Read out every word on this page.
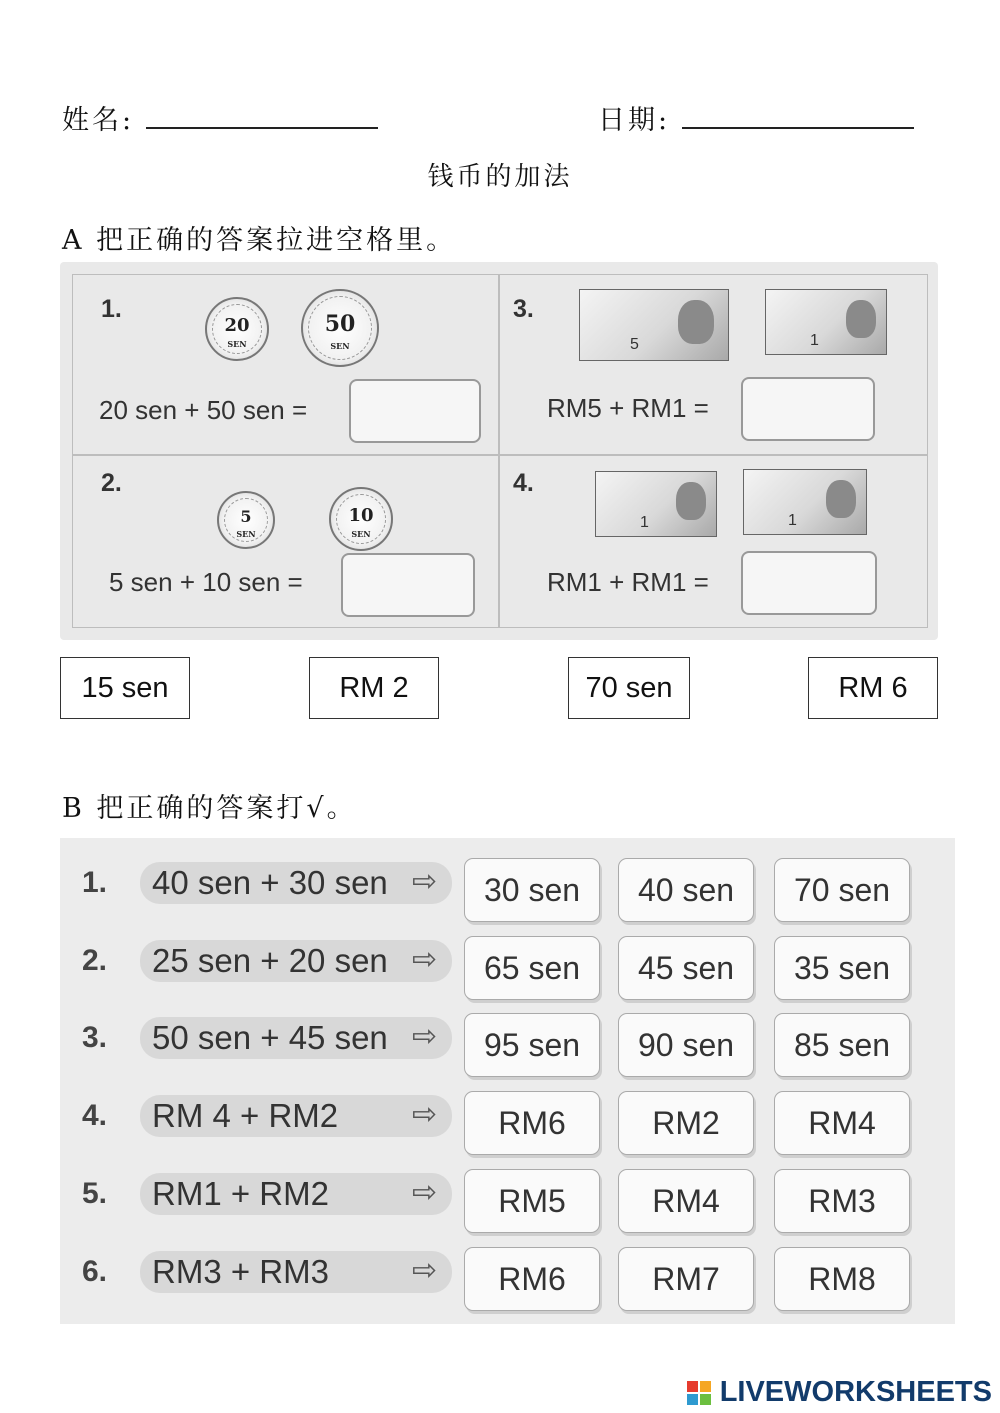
姓名:	日期:
钱币的加法
A 把正确的答案拉进空格里。
1.
20
SEN
50
SEN
20 sen + 50 sen =
3.
5	1
RM5 + RM1 =
2.
5
SEN
10
SEN
5 sen + 10 sen =
4.
1	1
RM1 + RM1 =
15 sen	RM 2	70 sen	RM 6
B 把正确的答案打√。
1. 40 sen + 30 sen ⇨	30 sen	40 sen	70 sen
2. 25 sen + 20 sen ⇨	65 sen	45 sen	35 sen
3. 50 sen + 45 sen ⇨	95 sen	90 sen	85 sen
4. RM 4 + RM2 ⇨	RM6	RM2	RM4
5. RM1 + RM2	⇨	RM5	RM4	RM3
6. RM3 + RM3	⇨	RM6	RM7	RM8
LIVEWORKSHEETS
